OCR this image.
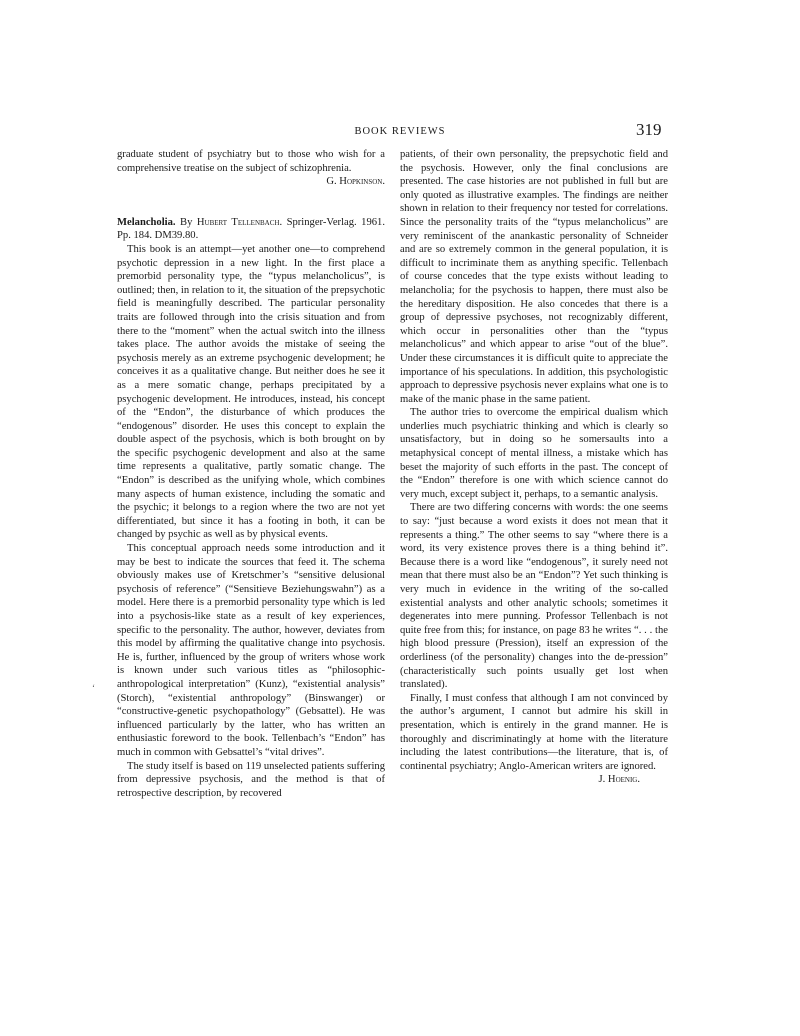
BOOK REVIEWS	319
ʻ

graduate student of psychiatry but to those who wish for a comprehensive treatise on the subject of schizophrenia.
G. Hopkinson.

Melancholia. By Hubert Tellenbach. Springer-Verlag. 1961. Pp. 184. DM39.80.

This book is an attempt—yet another one—to comprehend psychotic depression in a new light. In the first place a premorbid personality type, the “typus melancholicus”, is outlined; then, in relation to it, the situation of the prepsychotic field is meaningfully described. The particular personality traits are followed through into the crisis situation and from there to the “moment” when the actual switch into the illness takes place. The author avoids the mistake of seeing the psychosis merely as an extreme psychogenic development; he conceives it as a qualitative change. But neither does he see it as a mere somatic change, perhaps precipitated by a psychogenic development. He introduces, instead, his concept of the “Endon”, the disturbance of which produces the “endogenous” disorder. He uses this concept to explain the double aspect of the psychosis, which is both brought on by the specific psychogenic development and also at the same time represents a qualitative, partly somatic change. The “Endon” is described as the unifying whole, which combines many aspects of human existence, including the somatic and the psychic; it belongs to a region where the two are not yet differentiated, but since it has a footing in both, it can be changed by psychic as well as by physical events.

This conceptual approach needs some introduction and it may be best to indicate the sources that feed it. The schema obviously makes use of Kretschmer’s “sensitive delusional psychosis of reference” (“Sensitieve Beziehungswahn”) as a model. Here there is a premorbid personality type which is led into a psychosis-like state as a result of key experiences, specific to the personality. The author, however, deviates from this model by affirming the qualitative change into psychosis. He is, further, influenced by the group of writers whose work is known under such various titles as “philosophic-anthropological interpretation” (Kunz), “existential analysis” (Storch), “existential anthropology” (Binswanger) or “constructive-genetic psychopathology” (Gebsattel). He was influenced particularly by the latter, who has written an enthusiastic foreword to the book. Tellenbach’s “Endon” has much in common with Gebsattel’s “vital drives”.

The study itself is based on 119 unselected patients suffering from depressive psychosis, and the method is that of retrospective description, by recovered

patients, of their own personality, the prepsychotic field and the psychosis. However, only the final conclusions are presented. The case histories are not published in full but are only quoted as illustrative examples. The findings are neither shown in relation to their frequency nor tested for correlations. Since the personality traits of the “typus melancholicus” are very reminiscent of the anankastic personality of Schneider and are so extremely common in the general population, it is difficult to incriminate them as anything specific. Tellenbach of course concedes that the type exists without leading to melancholia; for the psychosis to happen, there must also be the hereditary disposition. He also concedes that there is a group of depressive psychoses, not recognizably different, which occur in personalities other than the “typus melancholicus” and which appear to arise “out of the blue”. Under these circumstances it is difficult quite to appreciate the importance of his speculations. In addition, this psychologistic approach to depressive psychosis never explains what one is to make of the manic phase in the same patient.

The author tries to overcome the empirical dualism which underlies much psychiatric thinking and which is clearly so unsatisfactory, but in doing so he somersaults into a metaphysical concept of mental illness, a mistake which has beset the majority of such efforts in the past. The concept of the “Endon” therefore is one with which science cannot do very much, except subject it, perhaps, to a semantic analysis.

There are two differing concerns with words: the one seems to say: “just because a word exists it does not mean that it represents a thing.” The other seems to say “where there is a word, its very existence proves there is a thing behind it”. Because there is a word like “endogenous”, it surely need not mean that there must also be an “Endon”? Yet such thinking is very much in evidence in the writing of the so-called existential analysts and other analytic schools; sometimes it degenerates into mere punning. Professor Tellenbach is not quite free from this; for instance, on page 83 he writes “. . . the high blood pressure (Pression), itself an expression of the orderliness (of the personality) changes into the de-pression” (characteristically such points usually get lost when translated).

Finally, I must confess that although I am not convinced by the author’s argument, I cannot but admire his skill in presentation, which is entirely in the grand manner. He is thoroughly and discriminatingly at home with the literature including the latest contributions—the literature, that is, of continental psychiatry; Anglo-American writers are ignored.
J. Hoenig.
